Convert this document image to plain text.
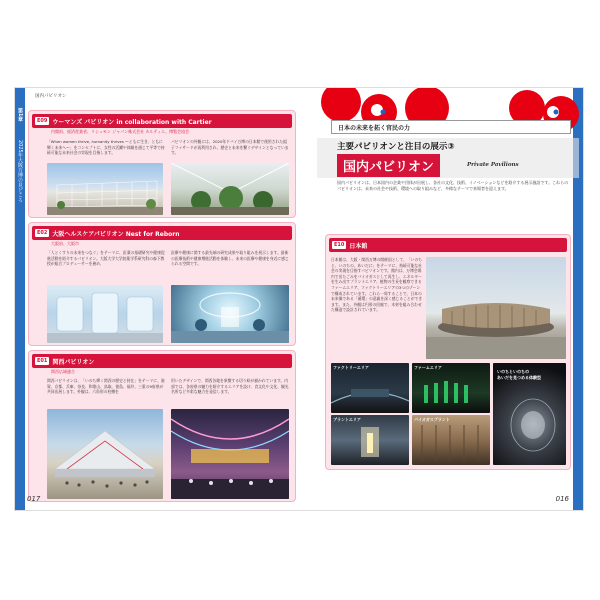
第1章
2025年大阪万博の見どころ
国内パビリオン
E09 ウーマンズ パビリオン in collaboration with Cartier
内閣府、経済産業省、リシュモン ジャパン株式会社 カルティエ、博覧会協会
「When women thrive, humanity thrives ～ともに生き、ともに輝く未来へ～」をコンセプトに、女性の活躍や体験を通じて平等で持続可能な未来社会の実現を目指します。
パビリオンの外観には、2020年ドバイ万博の日本館で使用された組子ファサードが再利用され、歴史と未来を繋ぐデザインとなっています。
E02 大阪ヘルスケアパビリオン Nest for Reborn
大阪府、大阪市
「人とくすりの未来をつなぐ」をテーマに、医薬の基礎研究や健康促進活動を紹介するパビリオン。大阪大学大学院薬学系研究科の森下教授が総合プロデューサーを務め、
医療や健康に関する最先端の研究成果や取り組みを展示します。最新の医療技術や健康増進活動を体験し、未来の医療や健康を身近に感じられる空間です。
E01 関西パビリオン
関西広域連合
関西パビリオンは、「いのち輝く関西の歴史と持在」をテーマに、滋賀、京都、兵庫、奈良、和歌山、鳥取、徳島、福井、三重の9府県が共同出展します。外観は、六角形の柱槽を
用いたデザインで、関西各地を象徴する切り絵が描かれています。内部では、各府県の魅力を紹介するエリアを設け、食文化や文化、観光名所など多彩な魅力を発信します。
017
日本の未来を拓く官民の力
主要パビリオンと注目の展示③
国内パビリオン	Private Pavilions
国内パビリオンは、日本国内の企業や団体が出展し、各社の文化、技術、イノベーションなどを紹介する展示施設です。これらのパビリオンは、未来の社会や技術、環境への取り組みなど、多様なテーマで来場者を迎えます。
E10 日本館
日本館は、大阪・関西万博の開催国として、「いのちと、いのちの、あいだに」をテーマに、持続可能な社会の実現を目指すパビリオンです。館内は、万博会場内で出たごみをバイオガスとして再生し、エネルギーを生み出すプラントエリア、植物の生長を観察できるファームエリア、ファクトリーエリアの3つのゾーンで構成されています。これら一周することで、日本の未来像である「循環」の意義を深く感じることができます。また、外観は円形の回廊で、木材を組み合わせた構造で設計されています。
ファクトリーエリア	ファームエリア
いのちといのちの
あいだを見つめる体験型
プラントエリア	バイオガスプラント
016
